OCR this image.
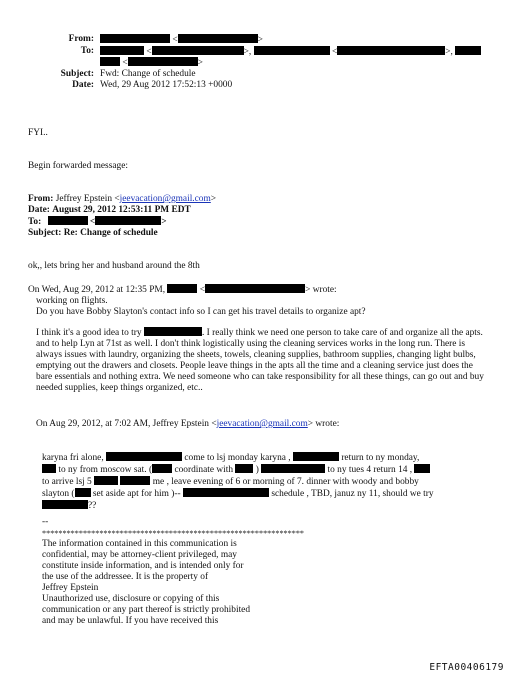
From:	<	>
To:	<	>,	<	>,
<	>
Subject: Fwd: Change of schedule
Date: Wed, 29 Aug 2012 17:52:13 +0000

FYI..

Begin forwarded message:

From: Jeffrey Epstein <jeevacation@gmail.com>

Date: August 29, 2012 12:53:11 PM EDT

To:	<	>

Subject: Re: Change of schedule

ok,, lets bring her and husband around the 8th

On Wed, Aug 29, 2012 at 12:35 PM,	<	> wrote:

working on flights.

Do you have Bobby Slayton's contact info so I can get his travel details to organize apt?

I think it's a good idea to try	. I really think we need one person to take care of and organize all the apts. and to help Lyn at 71st as well. I don't think logistically using the cleaning services works in the long run. There is always issues with laundry, organizing the sheets, towels, cleaning supplies, bathroom supplies, changing light bulbs, emptying out the drawers and closets. People leave things in the apts all the time and a cleaning service just does the bare essentials and nothing extra. We need someone who can take responsibility for all these things, can go out and buy needed supplies, keep things organized, etc..

On Aug 29, 2012, at 7:02 AM, Jeffrey Epstein <jeevacation@gmail.com> wrote:

karyna fri alone,	come to lsj monday karyna ,	return to ny monday,

to ny from moscow sat. ( coordinate with )	to ny tues 4 return 14 ,

to arrive lsj 5	me , leave evening of 6 or morning of 7. dinner with woody and bobby

slayton ( set aside apt for him )--	schedule , TBD, januz ny 11, should we try

??

--

****************************************************************

The information contained in this communication is

confidential, may be attorney-client privileged, may

constitute inside information, and is intended only for

the use of the addressee. It is the property of

Jeffrey Epstein

Unauthorized use, disclosure or copying of this

communication or any part thereof is strictly prohibited

and may be unlawful. If you have received this

EFTA00406179
